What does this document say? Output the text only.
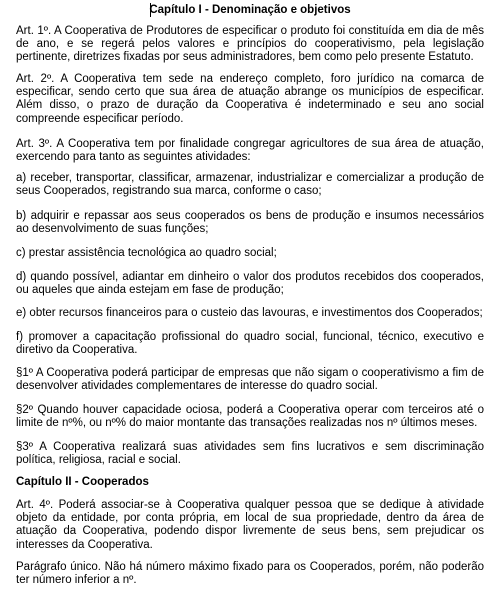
Capítulo I - Denominação e objetivos

Art. 1º. A Cooperativa de Produtores de especificar o produto foi constituída em dia de mês de ano, e se regerá pelos valores e princípios do cooperativismo, pela legislação pertinente, diretrizes fixadas por seus administradores, bem como pelo presente Estatuto.

Art. 2º. A Cooperativa tem sede na endereço completo, foro jurídico na comarca de especificar, sendo certo que sua área de atuação abrange os municípios de especificar. Além disso, o prazo de duração da Cooperativa é indeterminado e seu ano social compreende especificar período.

Art. 3º. A Cooperativa tem por finalidade congregar agricultores de sua área de atuação, exercendo para tanto as seguintes atividades:

a) receber, transportar, classificar, armazenar, industrializar e comercializar a produção de seus Cooperados, registrando sua marca, conforme o caso;

b) adquirir e repassar aos seus cooperados os bens de produção e insumos necessários ao desenvolvimento de suas funções;

c) prestar assistência tecnológica ao quadro social;

d) quando possível, adiantar em dinheiro o valor dos produtos recebidos dos cooperados, ou aqueles que ainda estejam em fase de produção;

e) obter recursos financeiros para o custeio das lavouras, e investimentos dos Cooperados;

f) promover a capacitação profissional do quadro social, funcional, técnico, executivo e diretivo da Cooperativa.

§1º A Cooperativa poderá participar de empresas que não sigam o cooperativismo a fim de desenvolver atividades complementares de interesse do quadro social.

§2º Quando houver capacidade ociosa, poderá a Cooperativa operar com terceiros até o limite de nº%, ou nº% do maior montante das transações realizadas nos nº últimos meses.

§3º A Cooperativa realizará suas atividades sem fins lucrativos e sem discriminação política, religiosa, racial e social.

Capítulo II - Cooperados

Art. 4º. Poderá associar-se à Cooperativa qualquer pessoa que se dedique à atividade objeto da entidade, por conta própria, em local de sua propriedade, dentro da área de atuação da Cooperativa, podendo dispor livremente de seus bens, sem prejudicar os interesses da Cooperativa.

Parágrafo único. Não há número máximo fixado para os Cooperados, porém, não poderão ter número inferior a nº.
